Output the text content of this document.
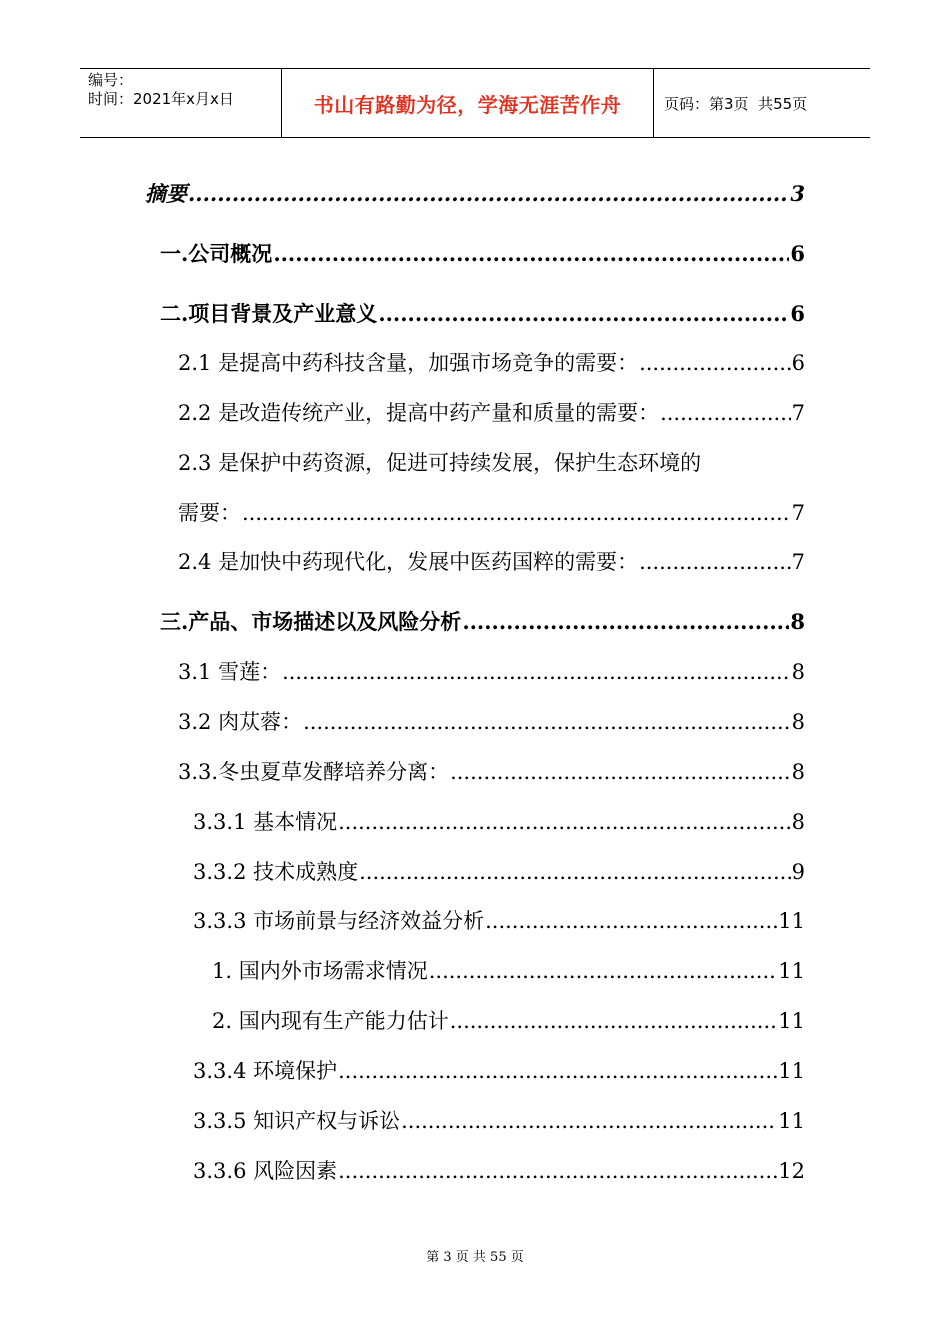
编号：
时间：2021年x月x日	书山有路勤为径，学海无涯苦作舟	页码：第3页  共55页
摘要 .....	3
一.公司概况 .....	6
二.项目背景及产业意义 .....	6
2.1 是提高中药科技含量，加强市场竞争的需要： .....	6
2.2 是改造传统产业，提高中药产量和质量的需要： .....	7
2.3 是保护中药资源，促进可持续发展，保护生态环境的
需要： .....	7
2.4 是加快中药现代化，发展中医药国粹的需要： .....	7
三.产品、市场描述以及风险分析 .....	8
3.1 雪莲： .....	8
3.2 肉苁蓉： .....	8
3.3.冬虫夏草发酵培养分离： .....	8
3.3.1 基本情况 .....	8
3.3.2 技术成熟度 .....	9
3.3.3 市场前景与经济效益分析 .....	11
1. 国内外市场需求情况 .....	11
2. 国内现有生产能力估计 .....	11
3.3.4 环境保护 .....	11
3.3.5 知识产权与诉讼 .....	11
3.3.6 风险因素 .....	12
第 3 页 共 55 页
